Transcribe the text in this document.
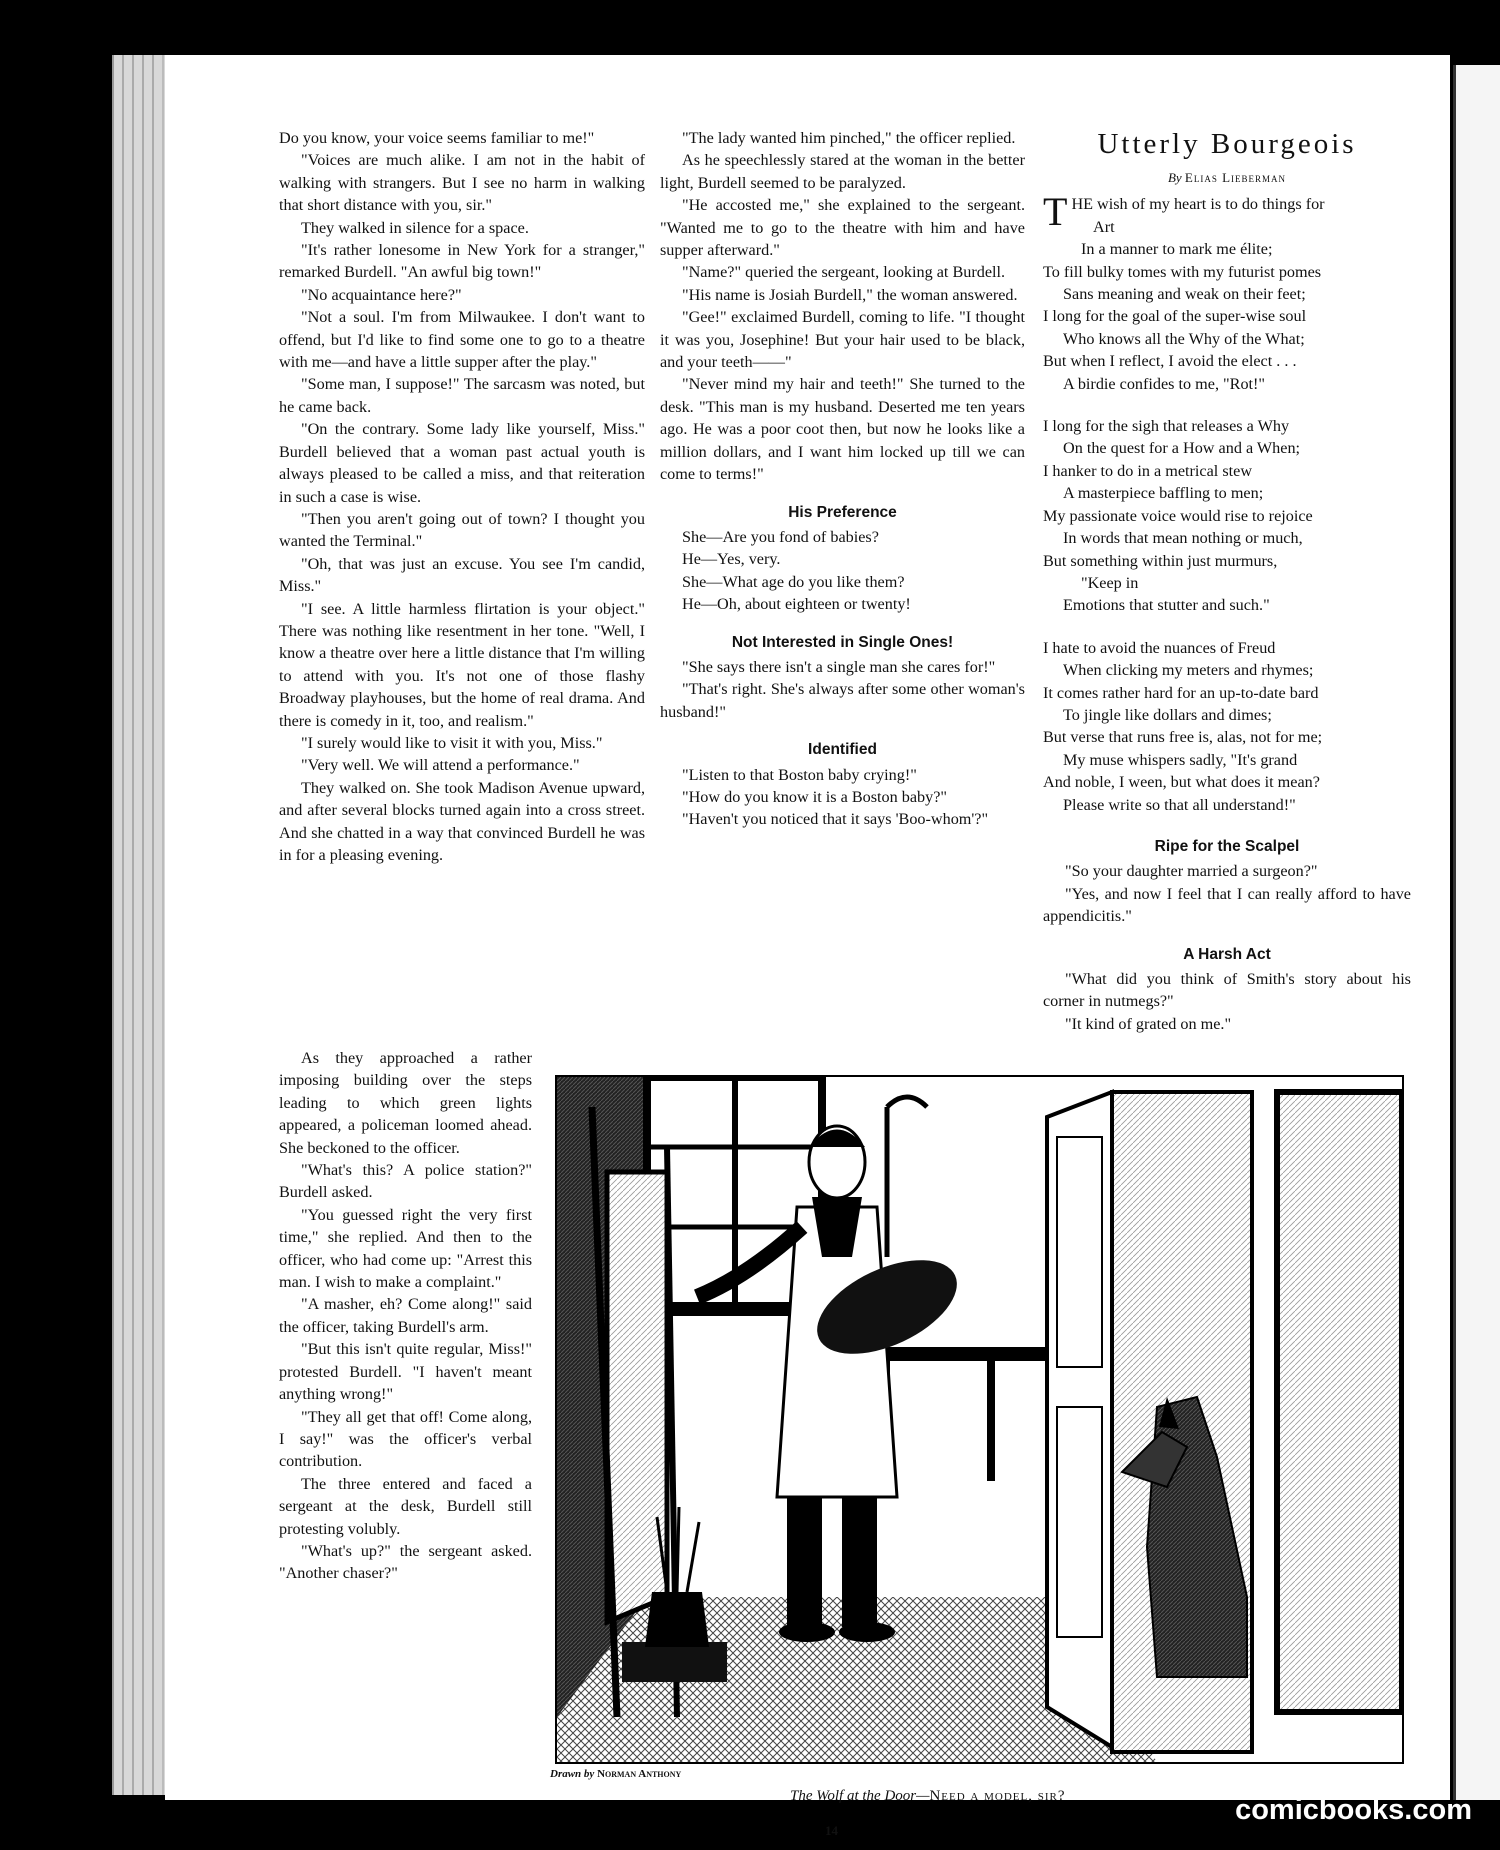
Do you know, your voice seems familiar to me!"

"Voices are much alike. I am not in the habit of walking with strangers. But I see no harm in walking that short distance with you, sir."

They walked in silence for a space.

"It's rather lonesome in New York for a stranger," remarked Burdell. "An awful big town!"

"No acquaintance here?"

"Not a soul. I'm from Milwaukee. I don't want to offend, but I'd like to find some one to go to a theatre with me—and have a little supper after the play."

"Some man, I suppose!" The sarcasm was noted, but he came back.

"On the contrary. Some lady like yourself, Miss." Burdell believed that a woman past actual youth is always pleased to be called a miss, and that reiteration in such a case is wise.

"Then you aren't going out of town? I thought you wanted the Terminal."

"Oh, that was just an excuse. You see I'm candid, Miss."

"I see. A little harmless flirtation is your object." There was nothing like resentment in her tone. "Well, I know a theatre over here a little distance that I'm willing to attend with you. It's not one of those flashy Broadway playhouses, but the home of real drama. And there is comedy in it, too, and realism."

"I surely would like to visit it with you, Miss."

"Very well. We will attend a performance."

They walked on. She took Madison Avenue upward, and after several blocks turned again into a cross street. And she chatted in a way that convinced Burdell he was in for a pleasing evening.

As they approached a rather imposing building over the steps leading to which green lights appeared, a policeman loomed ahead. She beckoned to the officer.

"What's this? A police station?" Burdell asked.

"You guessed right the very first time," she replied. And then to the officer, who had come up: "Arrest this man. I wish to make a complaint."

"A masher, eh? Come along!" said the officer, taking Burdell's arm.

"But this isn't quite regular, Miss!" protested Burdell. "I haven't meant anything wrong!"

"They all get that off! Come along, I say!" was the officer's verbal contribution.

The three entered and faced a sergeant at the desk, Burdell still protesting volubly.

"What's up?" the sergeant asked. "Another chaser?"

"The lady wanted him pinched," the officer replied.

As he speechlessly stared at the woman in the better light, Burdell seemed to be paralyzed.

"He accosted me," she explained to the sergeant. "Wanted me to go to the theatre with him and have supper afterward."

"Name?" queried the sergeant, looking at Burdell.

"His name is Josiah Burdell," the woman answered.

"Gee!" exclaimed Burdell, coming to life. "I thought it was you, Josephine! But your hair used to be black, and your teeth——"

"Never mind my hair and teeth!" She turned to the desk. "This man is my husband. Deserted me ten years ago. He was a poor coot then, but now he looks like a million dollars, and I want him locked up till we can come to terms!"

His Preference

She—Are you fond of babies?

He—Yes, very.

She—What age do you like them?

He—Oh, about eighteen or twenty!

Not Interested in Single Ones!

"She says there isn't a single man she cares for!"

"That's right. She's always after some other woman's husband!"

Identified

"Listen to that Boston baby crying!"

"How do you know it is a Boston baby?"

"Haven't you noticed that it says 'Boo-whom'?"

Utterly Bourgeois
By Elias Lieberman
T HE wish of my heart is to do things for
Art
In a manner to mark me élite;
To fill bulky tomes with my futurist pomes
Sans meaning and weak on their feet;
I long for the goal of the super-wise soul
Who knows all the Why of the What;
But when I reflect, I avoid the elect . . .
A birdie confides to me, "Rot!"
I long for the sigh that releases a Why
On the quest for a How and a When;
I hanker to do in a metrical stew
A masterpiece baffling to men;
My passionate voice would rise to rejoice
In words that mean nothing or much,
But something within just murmurs,
"Keep in
Emotions that stutter and such."
I hate to avoid the nuances of Freud
When clicking my meters and rhymes;
It comes rather hard for an up-to-date bard
To jingle like dollars and dimes;
But verse that runs free is, alas, not for me;
My muse whispers sadly, "It's grand
And noble, I ween, but what does it mean?
Please write so that all understand!"
Ripe for the Scalpel

"So your daughter married a surgeon?"

"Yes, and now I feel that I can really afford to have appendicitis."

A Harsh Act

"What did you think of Smith's story about his corner in nutmegs?"

"It kind of grated on me."

Drawn by Norman Anthony
The Wolf at the Door—Need a model, sir?
14
comicbooks.com
